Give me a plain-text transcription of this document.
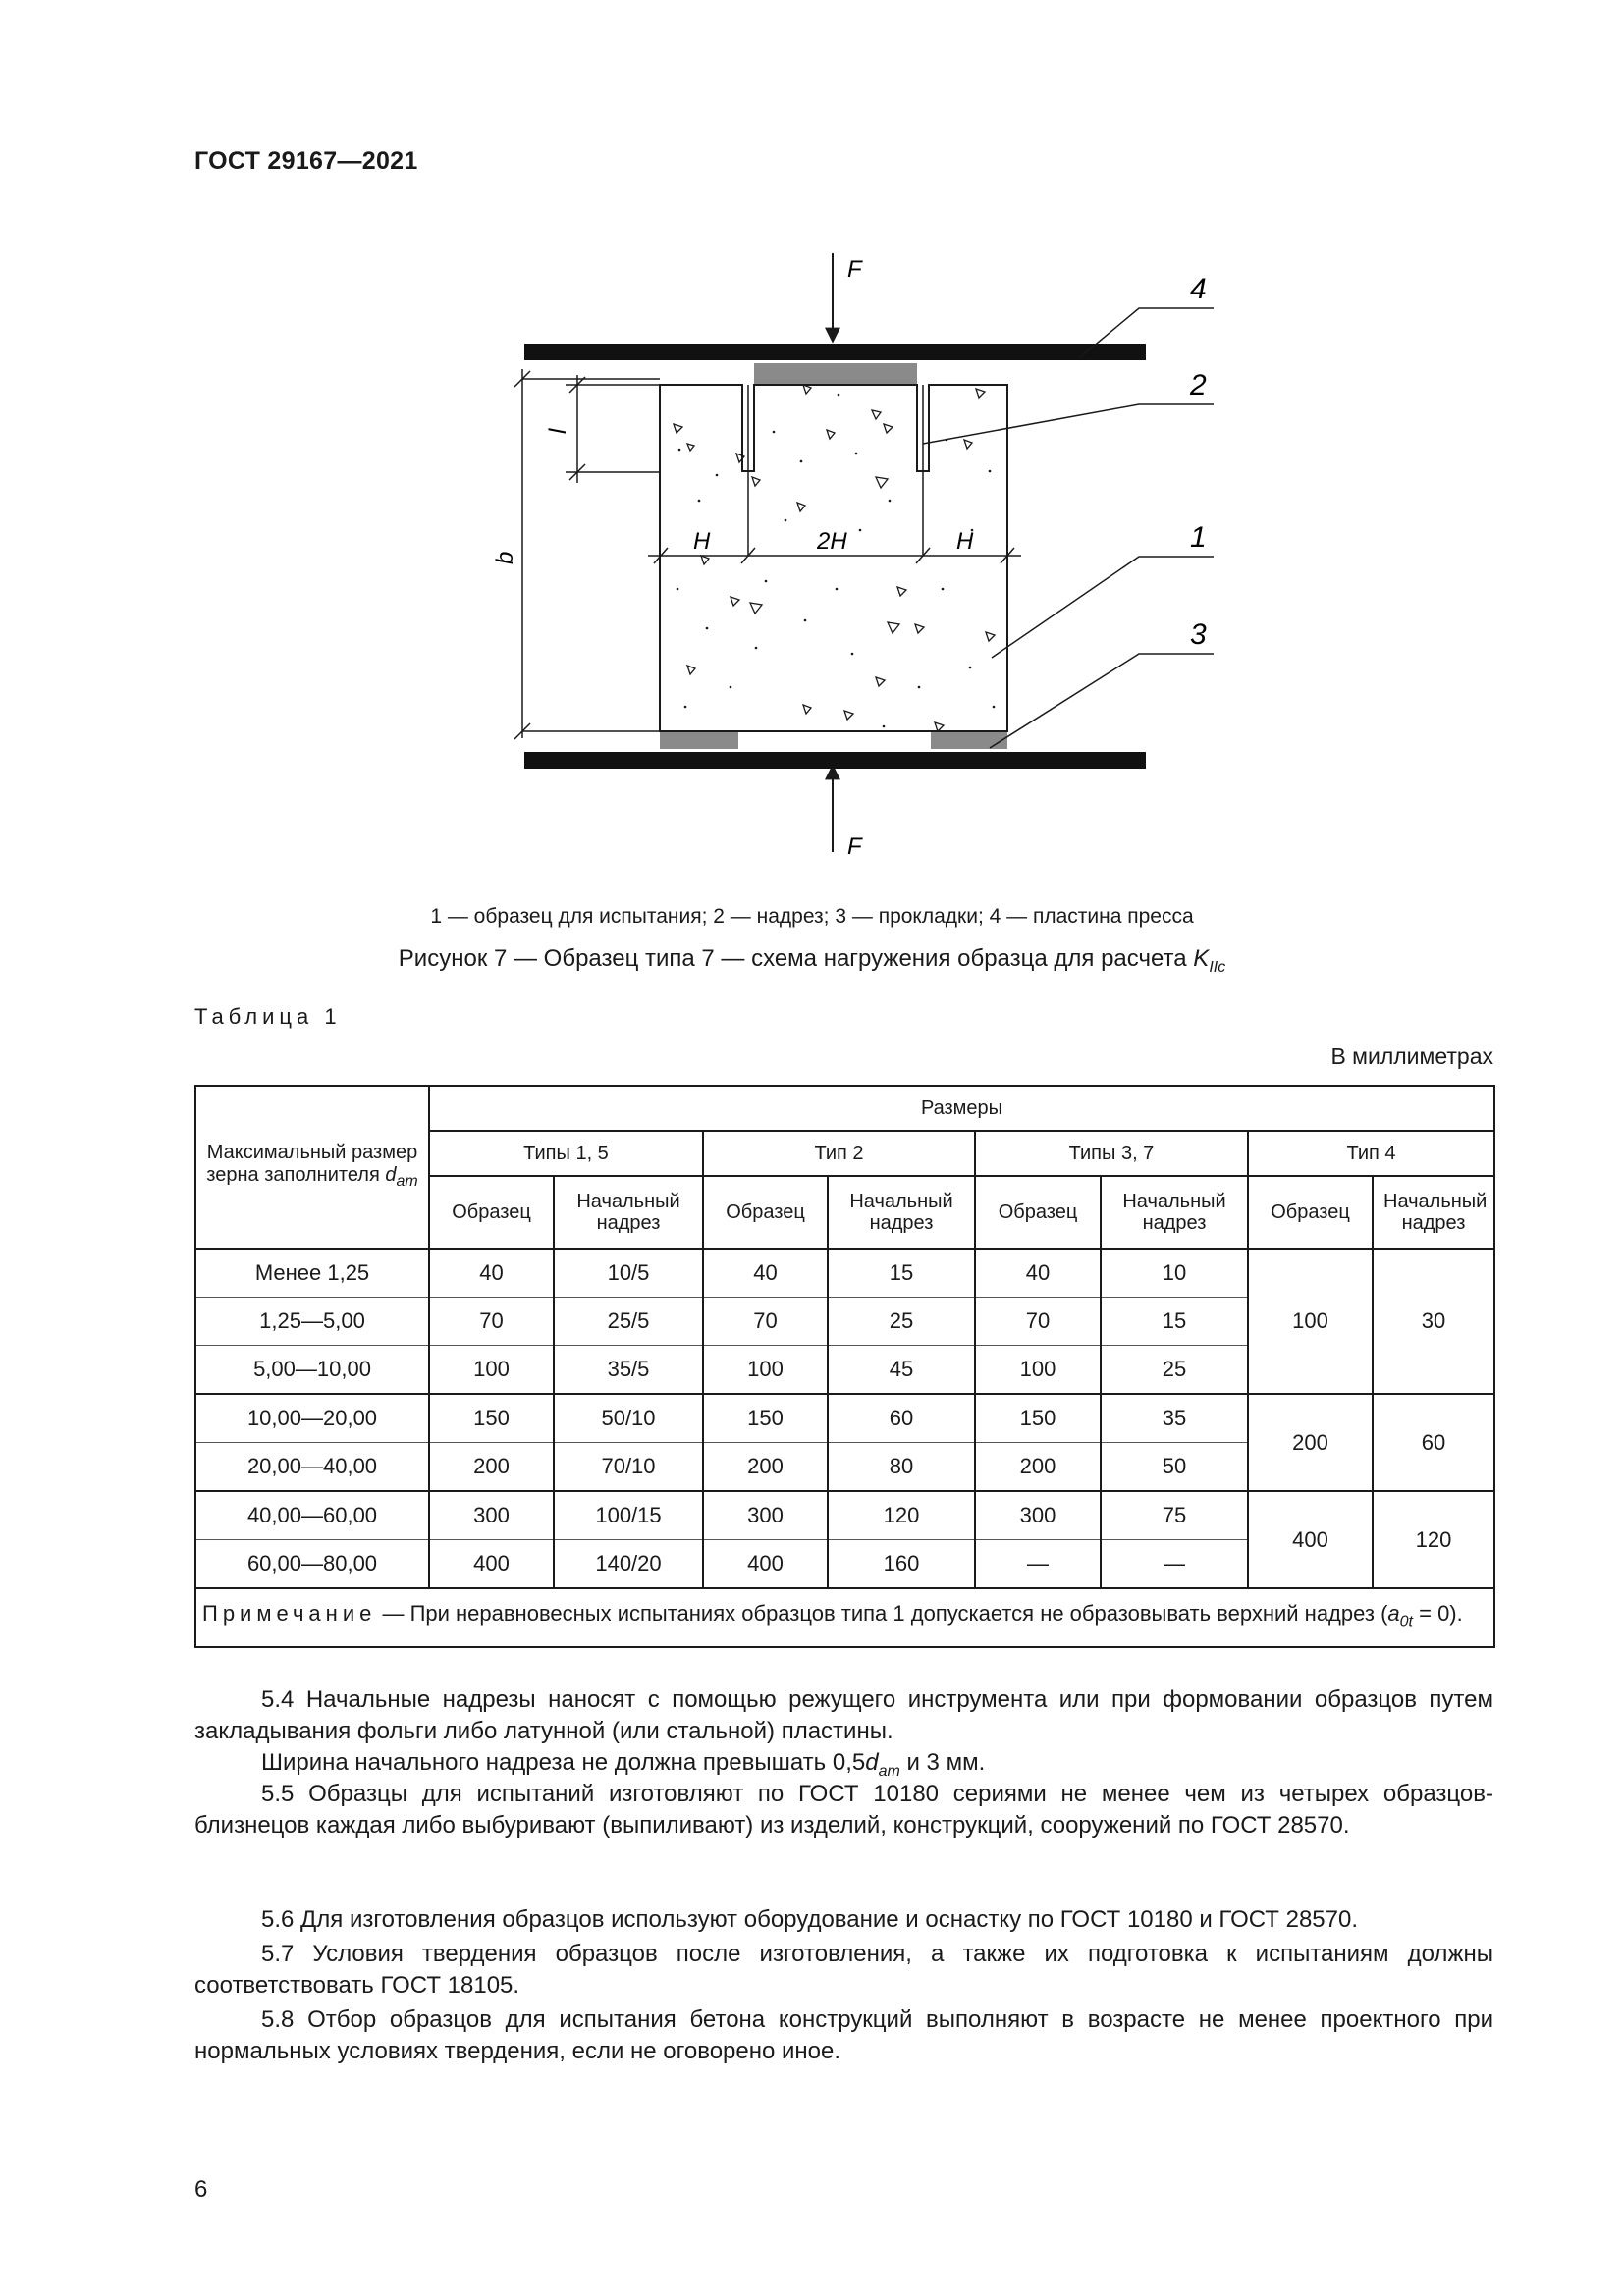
ГОСТ 29167—2021
F
F
b
l
H	2H	H
4
2
1
3
1 — образец для испытания; 2 — надрез; 3 — прокладки; 4 — пластина пресса
Рисунок 7 — Образец типа 7 — схема нагружения образца для расчета $K_{IIc}$
Таблица 1
В миллиметрах
Максимальный размер зерна заполнителя $d_{am}$	Размеры							
	Типы 1, 5		Тип 2		Типы 3, 7		Тип 4	
	Образец	Начальный надрез	Образец	Начальный надрез	Образец	Начальный надрез	Образец	Начальный надрез
Менее 1,25	40	10/5	40	15	40	10	100	30
1,25—5,00	70	25/5	70	25	70	15		
5,00—10,00	100	35/5	100	45	100	25		
10,00—20,00	150	50/10	150	60	150	35	200	60
20,00—40,00	200	70/10	200	80	200	50		
40,00—60,00	300	100/15	300	120	300	75	400	120
60,00—80,00	400	140/20	400	160	—	—		
Примечание — При неравновесных испытаниях образцов типа 1 допускается не образовывать верхний надрез $(a_{0t} = 0)$.								
5.4 Начальные надрезы наносят с помощью режущего инструмента или при формовании образцов путем закладывания фольги либо латунной (или стальной) пластины.
Ширина начального надреза не должна превышать $0,5d_{am}$ и 3 мм.
5.5 Образцы для испытаний изготовляют по ГОСТ 10180 сериями не менее чем из четырех образцов-близнецов каждая либо выбуривают (выпиливают) из изделий, конструкций, сооружений по ГОСТ 28570.
5.6 Для изготовления образцов используют оборудование и оснастку по ГОСТ 10180 и ГОСТ 28570.
5.7 Условия твердения образцов после изготовления, а также их подготовка к испытаниям должны соответствовать ГОСТ 18105.
5.8 Отбор образцов для испытания бетона конструкций выполняют в возрасте не менее проектного при нормальных условиях твердения, если не оговорено иное.
6
